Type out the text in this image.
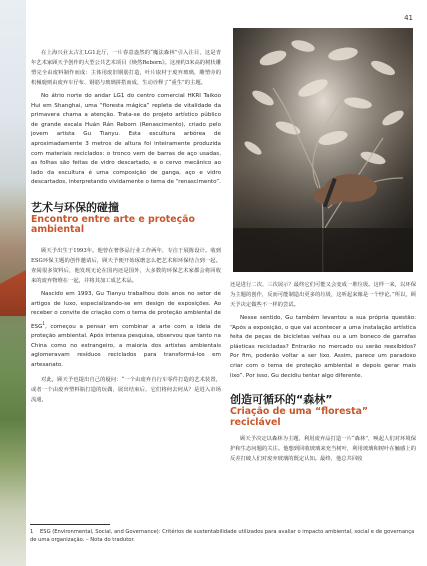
41

在上海兴业太古汇LG1北厅，一片春意盎然的“魔法森林”引入注目，这是青年艺术家顾天予创作的大型公共艺术项目《焕然Reborn》。这座约3米高的树状雕塑完全由废料制作而成：主体用废旧钢筋打造，叶片取材于废弃玻璃，雕塑旁的机械鹿则由废弃车仔布、钢筋与玻璃拼搭而成，生动诠释了“重生”的主题。

No átrio norte do andar LG1 do centro comercial HKRI Taikoo Hui em Shanghai, uma “floresta mágica” repleta de vitalidade da primavera chama a atenção. Trata-se do projeto artístico público de grande escala Huán Rán Reborn (Renascimento), criado pelo jovem artista Gu Tianyu. Esta escultura arbórea de aproximadamente 3 metros de altura foi inteiramente produzida com materiais reciclados: o tronco vem de barras de aço usadas, as folhas são feitas de vidro descartado, e o cervo mecânico ao lado da escultura é uma composição de ganga, aço e vidro descartados, interpretando vividamente o tema de “renascimento”.

艺术与环保的碰撞

Encontro entre arte e proteção ambiental

顾天予出生于1993年。他曾在奢侈品行业工作两年，专注于展陈设计。收到ESG环保主题的创作邀请后，顾天予便开始琢磨怎么把艺术和环保结合到一起。查阅很多资料后，他发现无论在国内还是国外，大多数的环保艺术家都会将回收来的废弃物堆在一起，并将其加工成艺术品。

Nascido em 1993, Gu Tianyu trabalhou dois anos no setor de artigos de luxo, especializando-se em design de exposições. Ao receber o convite de criação com o tema de proteção ambiental de ESG$^1$, começou a pensar em combinar a arte com a ideia de proteção ambiental. Após intensa pesquisa, observou que tanto na China como no estrangeiro, a maioria dos artistas ambientais aglomeravam resíduos reciclados para transformá-los em artesanato.

对此，顾天予也提出自己的疑问：“一个由废弃自行车零件打造的艺术装置，或者一个由废弃塑料瓶打造的玩偶，展出结束后，它们将何去何从？是进入市场流通，

还是进行二次、三次展示？最终它们可能又会变成一堆垃圾。这样一来，以环保为主题的创作，反而可能制造出更多的垃圾，这听起来像是一个悖论。”所以，顾天予决定做些不一样的尝试。

Nesse sentido, Gu também levantou a sua própria questão: “Após a exposição, o que vai acontecer a uma instalação artística feita de peças de bicicletas velhas ou a um boneco de garrafas plásticas recicladas? Entrarão no mercado ou serão reexibidos? Por fim, poderão voltar a ser lixo. Assim, parece um paradoxo criar com o tema de proteção ambiental e depois gerar mais lixo”. Por isso, Gu decidiu tentar algo diferente.

创造可循环的“森林”

Criação de uma “floresta” reciclável

顾天予决定以森林为主题，利用废弃品打造一片“森林”，唤起人们对环境保护和生态问题的关注。他想到回收玻璃来充当树叶，利用玻璃和树叶在触感上的反差打破人们对废弃玻璃的既定认知。最终，他总共回收

1 ESG (Environmental, Social, and Governance): Critérios de sustentabilidade utilizados para avaliar o impacto ambiental, social e de governança de uma organização. – Nota do tradutor.
